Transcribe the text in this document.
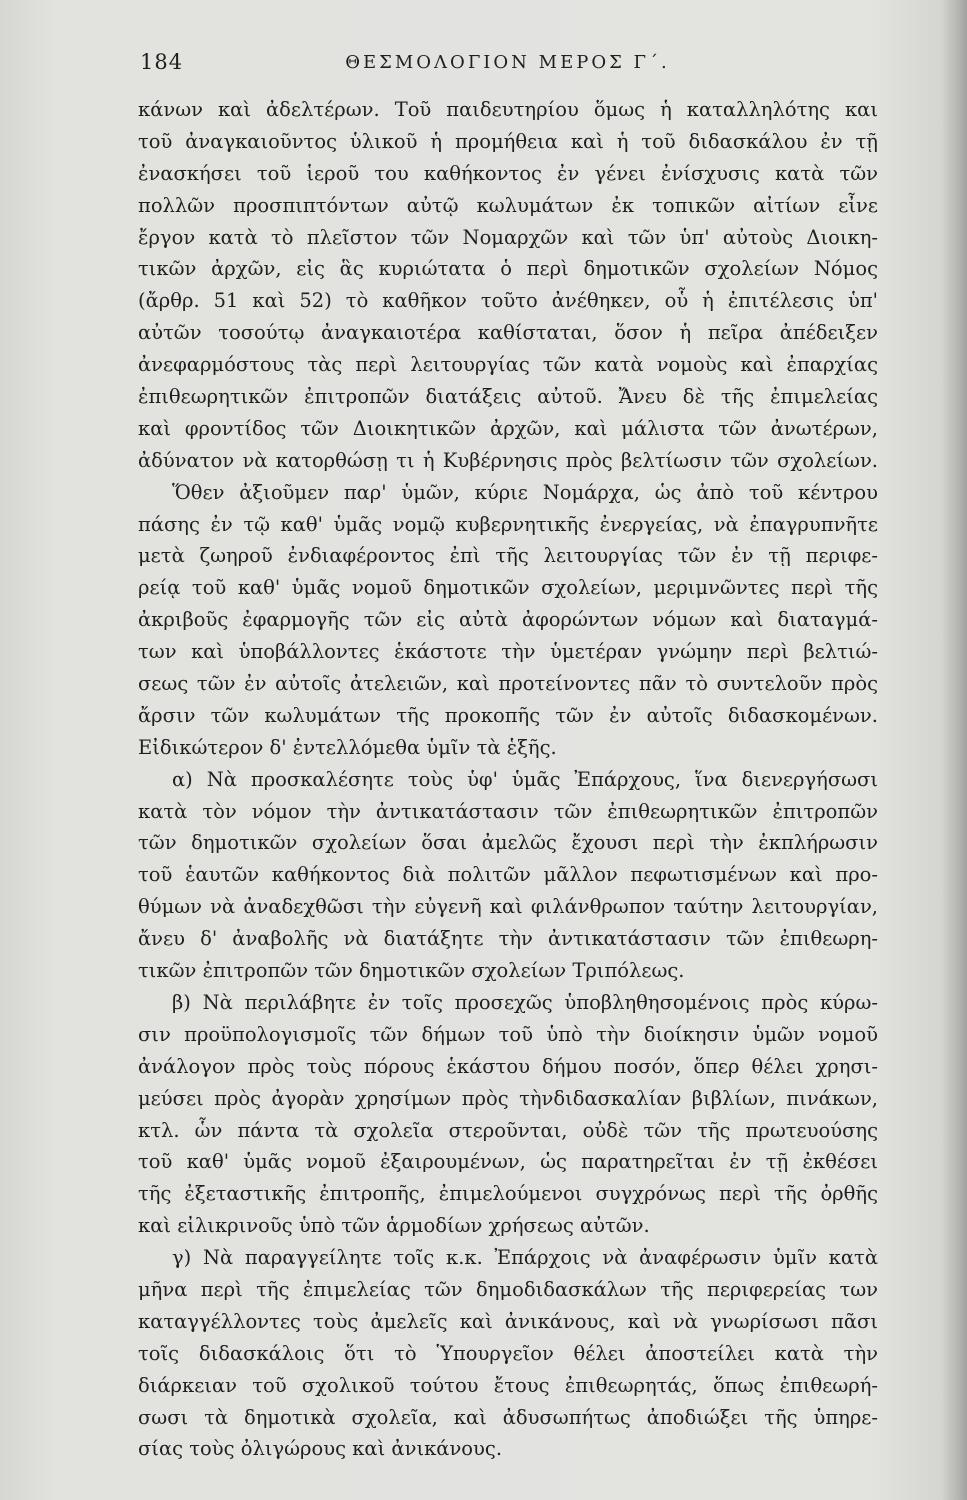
184	ΘΕΣΜΟΛΟΓΙΟΝ ΜΕΡΟΣ Γ΄.
κάνων καὶ ἀδελτέρων. Τοῦ παιδευτηρίου ὅμως ἡ καταλληλότης και
τοῦ ἀναγκαιοῦντος ὑλικοῦ ἡ προμήθεια καὶ ἡ τοῦ διδασκάλου ἐν τῇ
ἐνασκήσει τοῦ ἱεροῦ του καθήκοντος ἐν γένει ἐνίσχυσις κατὰ τῶν
πολλῶν προσπιπτόντων αὐτῷ κωλυμάτων ἐκ τοπικῶν αἰτίων εἶνε
ἔργον κατὰ τὸ πλεῖστον τῶν Νομαρχῶν καὶ τῶν ὑπ' αὐτοὺς Διοικη-
τικῶν ἀρχῶν, εἰς ἃς κυριώτατα ὁ περὶ δημοτικῶν σχολείων Νόμος
(ἄρθρ. 51 καὶ 52) τὸ καθῆκον τοῦτο ἀνέθηκεν, οὗ ἡ ἐπιτέλεσις ὑπ'
αὐτῶν τοσούτῳ ἀναγκαιοτέρα καθίσταται, ὅσον ἡ πεῖρα ἀπέδειξεν
ἀνεφαρμόστους τὰς περὶ λειτουργίας τῶν κατὰ νομοὺς καὶ ἐπαρχίας
ἐπιθεωρητικῶν ἐπιτροπῶν διατάξεις αὐτοῦ. Ἄνευ δὲ τῆς ἐπιμελείας
καὶ φροντίδος τῶν Διοικητικῶν ἀρχῶν, καὶ μάλιστα τῶν ἀνωτέρων,
ἀδύνατον νὰ κατορθώσῃ τι ἡ Κυβέρνησις πρὸς βελτίωσιν τῶν σχολείων.
Ὅθεν ἀξιοῦμεν παρ' ὑμῶν, κύριε Νομάρχα, ὡς ἀπὸ τοῦ κέντρου
πάσης ἐν τῷ καθ' ὑμᾶς νομῷ κυβερνητικῆς ἐνεργείας, νὰ ἐπαγρυπνῆτε
μετὰ ζωηροῦ ἐνδιαφέροντος ἐπὶ τῆς λειτουργίας τῶν ἐν τῇ περιφε-
ρείᾳ τοῦ καθ' ὑμᾶς νομοῦ δημοτικῶν σχολείων, μεριμνῶντες περὶ τῆς
ἀκριβοῦς ἐφαρμογῆς τῶν εἰς αὐτὰ ἀφορώντων νόμων καὶ διαταγμά-
των καὶ ὑποβάλλοντες ἑκάστοτε τὴν ὑμετέραν γνώμην περὶ βελτιώ-
σεως τῶν ἐν αὐτοῖς ἀτελειῶν, καὶ προτείνοντες πᾶν τὸ συντελοῦν πρὸς
ἄρσιν τῶν κωλυμάτων τῆς προκοπῆς τῶν ἐν αὐτοῖς διδασκομένων.
Εἰδικώτερον δ' ἐντελλόμεθα ὑμῖν τὰ ἑξῆς.
α) Νὰ προσκαλέσητε τοὺς ὑφ' ὑμᾶς Ἐπάρχους, ἵνα διενεργήσωσι
κατὰ τὸν νόμον τὴν ἀντικατάστασιν τῶν ἐπιθεωρητικῶν ἐπιτροπῶν
τῶν δημοτικῶν σχολείων ὅσαι ἀμελῶς ἔχουσι περὶ τὴν ἐκπλήρωσιν
τοῦ ἑαυτῶν καθήκοντος διὰ πολιτῶν μᾶλλον πεφωτισμένων καὶ προ-
θύμων νὰ ἀναδεχθῶσι τὴν εὐγενῆ καὶ φιλάνθρωπον ταύτην λειτουργίαν,
ἄνευ δ' ἀναβολῆς νὰ διατάξητε τὴν ἀντικατάστασιν τῶν ἐπιθεωρη-
τικῶν ἐπιτροπῶν τῶν δημοτικῶν σχολείων Τριπόλεως.
β) Νὰ περιλάβητε ἐν τοῖς προσεχῶς ὑποβληθησομένοις πρὸς κύρω-
σιν προϋπολογισμοῖς τῶν δήμων τοῦ ὑπὸ τὴν διοίκησιν ὑμῶν νομοῦ
ἀνάλογον πρὸς τοὺς πόρους ἑκάστου δήμου ποσόν, ὅπερ θέλει χρησι-
μεύσει πρὸς ἀγορὰν χρησίμων πρὸς τὴνδιδασκαλίαν βιβλίων, πινάκων,
κτλ. ὧν πάντα τὰ σχολεῖα στεροῦνται, οὐδὲ τῶν τῆς πρωτευούσης
τοῦ καθ' ὑμᾶς νομοῦ ἐξαιρουμένων, ὡς παρατηρεῖται ἐν τῇ ἐκθέσει
τῆς ἐξεταστικῆς ἐπιτροπῆς, ἐπιμελούμενοι συγχρόνως περὶ τῆς ὀρθῆς
καὶ εἰλικρινοῦς ὑπὸ τῶν ἁρμοδίων χρήσεως αὐτῶν.
γ) Νὰ παραγγείλητε τοῖς κ.κ. Ἐπάρχοις νὰ ἀναφέρωσιν ὑμῖν κατὰ
μῆνα περὶ τῆς ἐπιμελείας τῶν δημοδιδασκάλων τῆς περιφερείας των
καταγγέλλοντες τοὺς ἀμελεῖς καὶ ἀνικάνους, καὶ νὰ γνωρίσωσι πᾶσι
τοῖς διδασκάλοις ὅτι τὸ Ὑπουργεῖον θέλει ἀποστείλει κατὰ τὴν
διάρκειαν τοῦ σχολικοῦ τούτου ἔτους ἐπιθεωρητάς, ὅπως ἐπιθεωρή-
σωσι τὰ δημοτικὰ σχολεῖα, καὶ ἀδυσωπήτως ἀποδιώξει τῆς ὑπηρε-
σίας τοὺς ὀλιγώρους καὶ ἀνικάνους.
